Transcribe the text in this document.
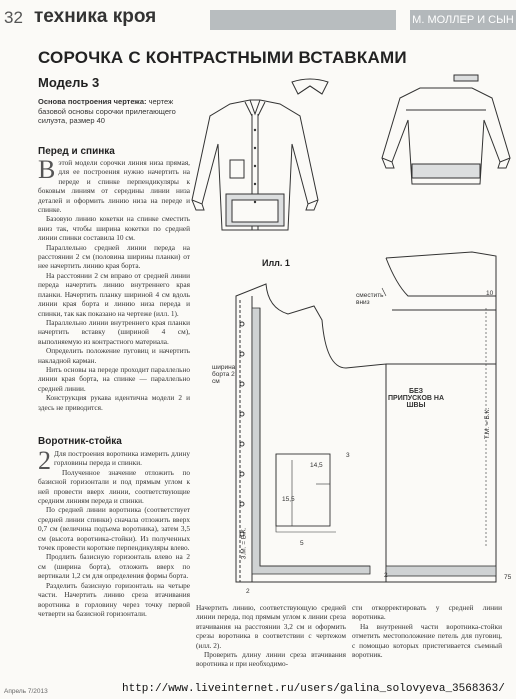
32 техника кроя	М. МОЛЛЕР И СЫН
СОРОЧКА С КОНТРАСТНЫМИ ВСТАВКАМИ
Модель 3
Основа построения чертежа: чертеж базовой основы сорочки прилегающего силуэта, размер 40
Перед и спинка

Вэтой модели сорочки линия низа прямая, для ее построения нужно начертить на переде и спинке перпендикуляры к боковым линиям от середины линии низа деталей и оформить линию низа на переде и спинке.

Базовую линию кокетки на спинке сместить вниз так, чтобы ширина кокетки по средней линии спинки составила 10 см.

Параллельно средней линии переда на расстоянии 2 см (половина ширины планки) от нее начертить линию края борта.

На расстоянии 2 см вправо от средней линии переда начертить линию внутреннего края планки. Начертить планку шириной 4 см вдоль линии края борта и линию низа переда и спинки, так как показано на чертеже (илл. 1).

Параллельно линии внутреннего края планки начертить вставку (шириной 4 см), выполняемую из контрастного материала.

Определить положение пуговиц и начертить накладной карман.

Нить основы на переде проходит параллельно линии края борта, на спинке — параллельно средней линии.

Конструкция рукава идентична модели 2 и здесь не приводится.

Воротник-стойка

2 Для построения воротника измерить длину горловины переда и спинки.

Полученное значение отложить по базисной горизонтали и под прямым углом к ней провести вверх линии, соответствующие средним линиям переда и спинки.

По средней линии воротника (соответствует средней линии спинки) сначала отложить вверх 0,7 см (величина подъема воротника), затем 3,5 см (высота воротника-стойки). Из полученных точек провести короткие перпендикуляры влево.

Продлить базисную горизонталь влево на 2 см (ширина борта), отложить вверх по вертикали 1,2 см для определения формы борта.

Разделить базисную горизонталь на четыре части. Начертить линию среза втачивания воротника в горловину через точку первой четверти на базисной горизонтали.

Начертить линию, соответствующую средней линии переда, под прямым углом к линии среза втачивания на расстоянии 3,2 см и оформить срезы воротника в соответствии с чертежом (илл. 2).

Проверить длину линии среза втачивания воротника и при необходимо-

сти откорректировать у средней линии воротника.

На внутренней части воротника-стойки отметить местоположение петель для пуговиц, с помощью которых пристегивается съемный воротник.

Илл. 1
сместить вниз
10
ширина борта 2 см
БЕЗ ПРИПУСКОВ НА ШВЫ
14,5
3
15,5
5
2
З.М. = Б.К.
Т.М. = Б.К.
75
2
Апрель 7/2013	http://www.liveinternet.ru/users/galina_solovyeva_3568363/
